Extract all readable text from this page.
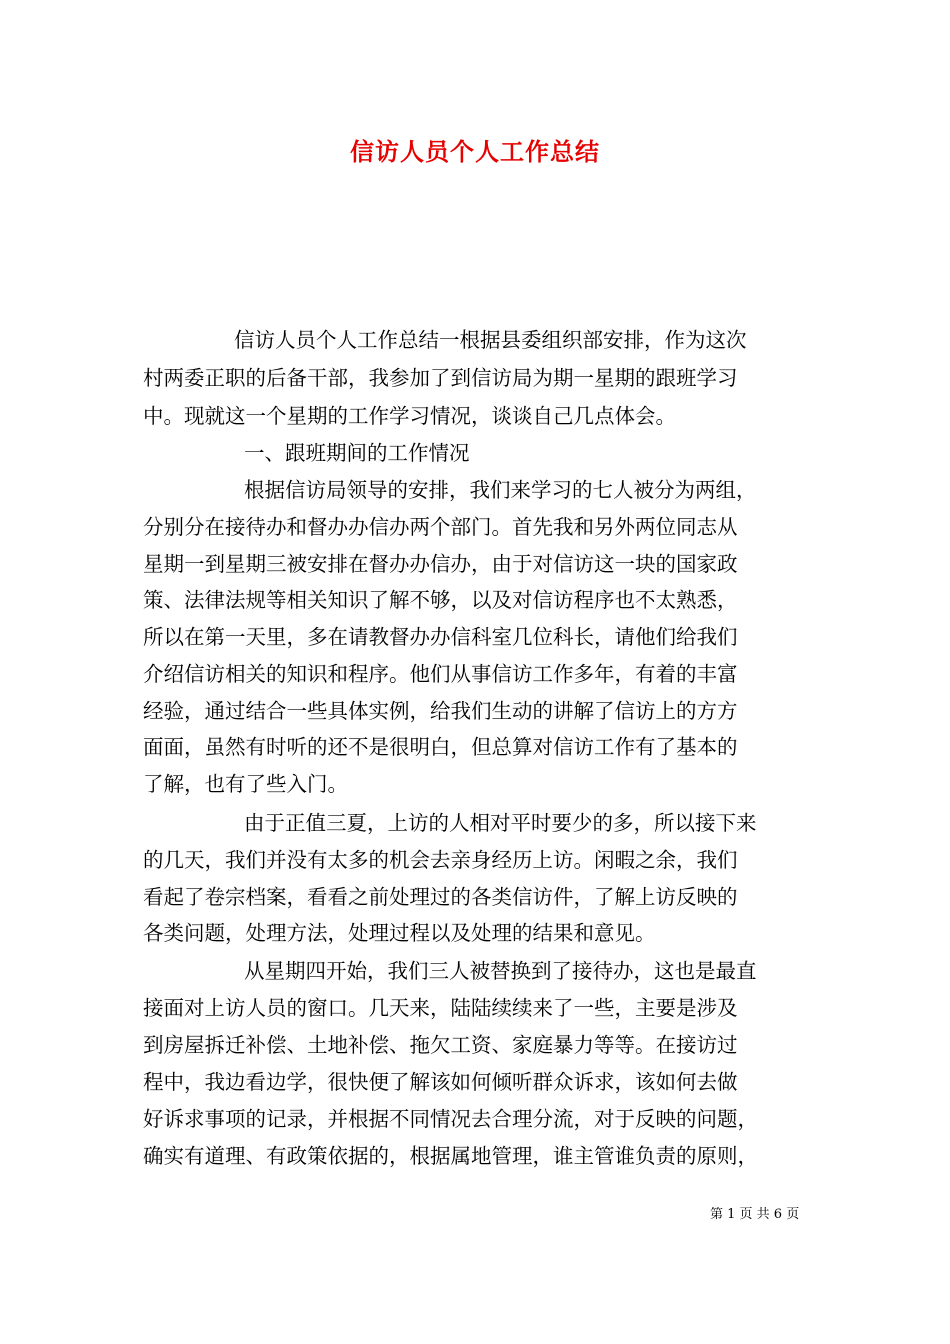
信访人员个人工作总结
信访人员个人工作总结一根据县委组织部安排，作为这次
村两委正职的后备干部，我参加了到信访局为期一星期的跟班学习
中。现就这一个星期的工作学习情况，谈谈自己几点体会。
一、跟班期间的工作情况
根据信访局领导的安排，我们来学习的七人被分为两组，
分别分在接待办和督办办信办两个部门。首先我和另外两位同志从
星期一到星期三被安排在督办办信办，由于对信访这一块的国家政
策、法律法规等相关知识了解不够，以及对信访程序也不太熟悉，
所以在第一天里，多在请教督办办信科室几位科长，请他们给我们
介绍信访相关的知识和程序。他们从事信访工作多年，有着的丰富
经验，通过结合一些具体实例，给我们生动的讲解了信访上的方方
面面，虽然有时听的还不是很明白，但总算对信访工作有了基本的
了解，也有了些入门。
由于正值三夏，上访的人相对平时要少的多，所以接下来
的几天，我们并没有太多的机会去亲身经历上访。闲暇之余，我们
看起了卷宗档案，看看之前处理过的各类信访件，了解上访反映的
各类问题，处理方法，处理过程以及处理的结果和意见。
从星期四开始，我们三人被替换到了接待办，这也是最直
接面对上访人员的窗口。几天来，陆陆续续来了一些，主要是涉及
到房屋拆迁补偿、土地补偿、拖欠工资、家庭暴力等等。在接访过
程中，我边看边学，很快便了解该如何倾听群众诉求，该如何去做
好诉求事项的记录，并根据不同情况去合理分流，对于反映的问题，
确实有道理、有政策依据的，根据属地管理，谁主管谁负责的原则，
第 1 页 共 6 页
